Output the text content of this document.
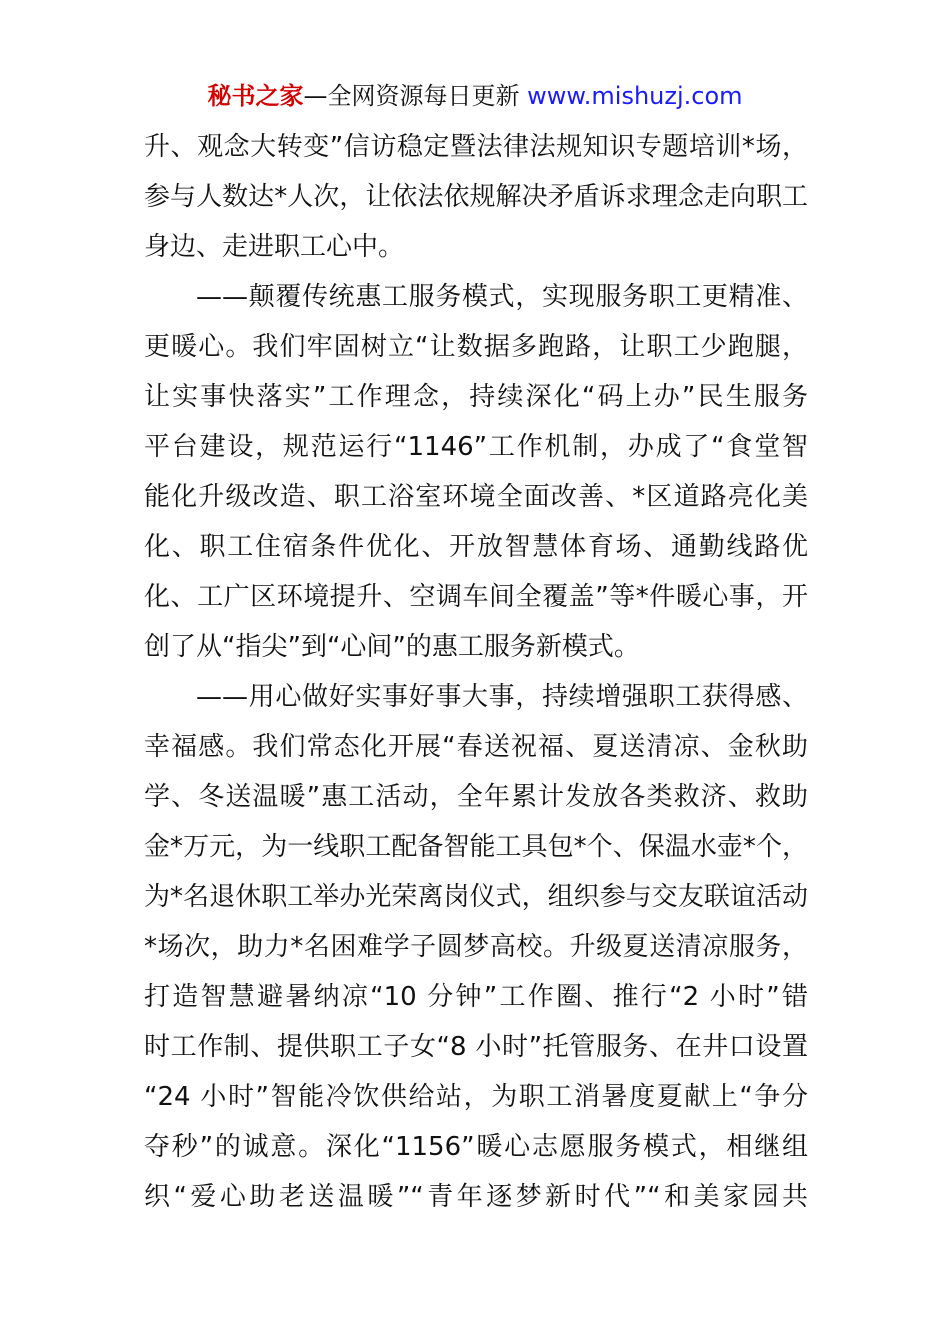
秘书之家—全网资源每日更新 www.mishuzj.com
升、观念大转变”信访稳定暨法律法规知识专题培训*场，
参与人数达*人次，让依法依规解决矛盾诉求理念走向职工
身边、走进职工心中。
——颠覆传统惠工服务模式，实现服务职工更精准、
更暖心。我们牢固树立“让数据多跑路，让职工少跑腿，
让实事快落实”工作理念，持续深化“码上办”民生服务
平台建设，规范运行“1146”工作机制，办成了“食堂智
能化升级改造、职工浴室环境全面改善、*区道路亮化美
化、职工住宿条件优化、开放智慧体育场、通勤线路优
化、工广区环境提升、空调车间全覆盖”等*件暖心事，开
创了从“指尖”到“心间”的惠工服务新模式。
——用心做好实事好事大事，持续增强职工获得感、
幸福感。我们常态化开展“春送祝福、夏送清凉、金秋助
学、冬送温暖”惠工活动，全年累计发放各类救济、救助
金*万元，为一线职工配备智能工具包*个、保温水壶*个，
为*名退休职工举办光荣离岗仪式，组织参与交友联谊活动
*场次，助力*名困难学子圆梦高校。升级夏送清凉服务，
打造智慧避暑纳凉“10 分钟”工作圈、推行“2 小时”错
时工作制、提供职工子女“8 小时”托管服务、在井口设置
“24 小时”智能冷饮供给站，为职工消暑度夏献上“争分
夺秒”的诚意。深化“1156”暖心志愿服务模式，相继组
织“爱心助老送温暖”“青年逐梦新时代”“和美家园共
